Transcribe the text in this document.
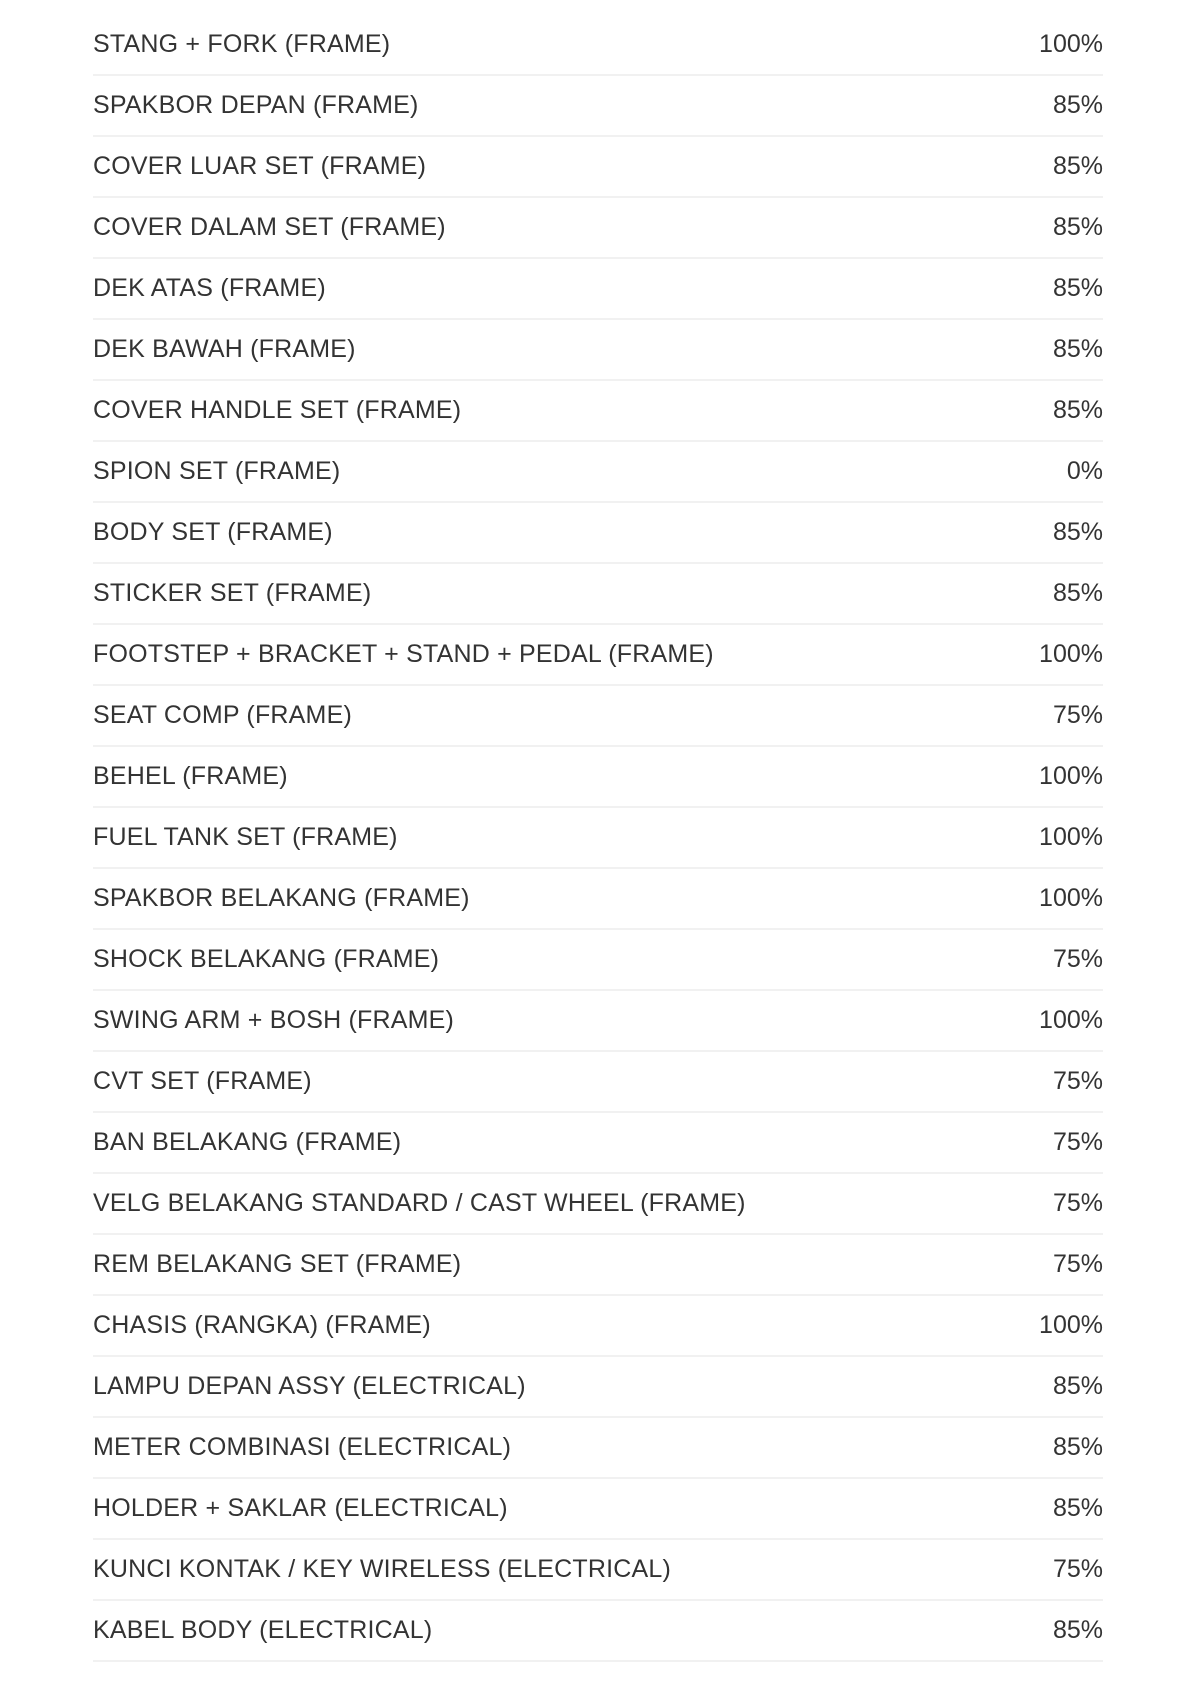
STANG + FORK (FRAME)	100%
SPAKBOR DEPAN (FRAME)	85%
COVER LUAR SET (FRAME)	85%
COVER DALAM SET (FRAME)	85%
DEK ATAS (FRAME)	85%
DEK BAWAH (FRAME)	85%
COVER HANDLE SET (FRAME)	85%
SPION SET (FRAME)	0%
BODY SET (FRAME)	85%
STICKER SET (FRAME)	85%
FOOTSTEP + BRACKET + STAND + PEDAL (FRAME)	100%
SEAT COMP (FRAME)	75%
BEHEL (FRAME)	100%
FUEL TANK SET (FRAME)	100%
SPAKBOR BELAKANG (FRAME)	100%
SHOCK BELAKANG (FRAME)	75%
SWING ARM + BOSH (FRAME)	100%
CVT SET (FRAME)	75%
BAN BELAKANG (FRAME)	75%
VELG BELAKANG STANDARD / CAST WHEEL (FRAME)	75%
REM BELAKANG SET (FRAME)	75%
CHASIS (RANGKA) (FRAME)	100%
LAMPU DEPAN ASSY (ELECTRICAL)	85%
METER COMBINASI (ELECTRICAL)	85%
HOLDER + SAKLAR (ELECTRICAL)	85%
KUNCI KONTAK / KEY WIRELESS (ELECTRICAL)	75%
KABEL BODY (ELECTRICAL)	85%
